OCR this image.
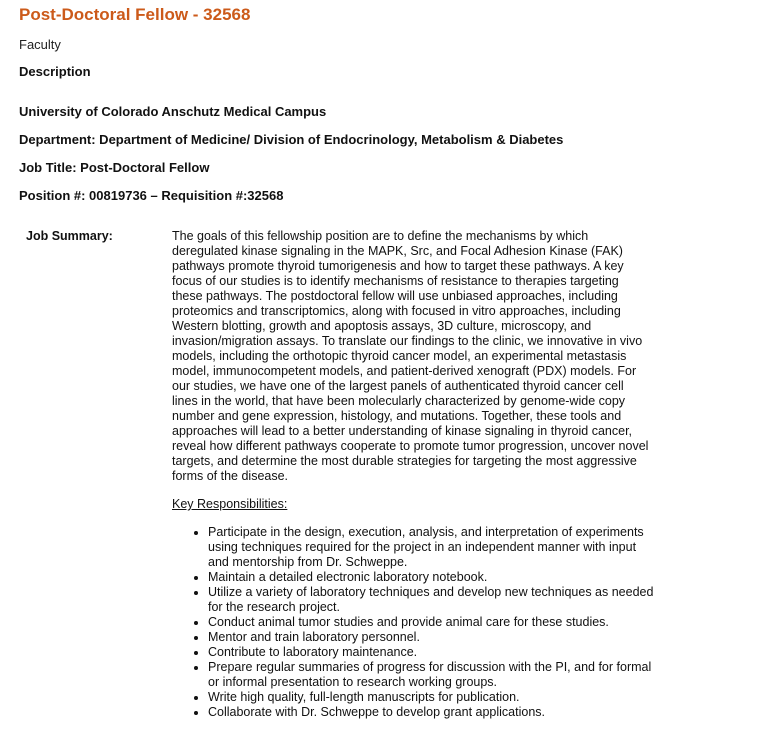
Post-Doctoral Fellow - 32568
Faculty
Description
University of Colorado Anschutz Medical Campus
Department: Department of Medicine/ Division of Endocrinology, Metabolism & Diabetes
Job Title: Post-Doctoral Fellow
Position #: 00819736 – Requisition #:32568
Job Summary:	The goals of this fellowship position are to define the mechanisms by which
deregulated kinase signaling in the MAPK, Src, and Focal Adhesion Kinase (FAK)
pathways promote thyroid tumorigenesis and how to target these pathways. A key
focus of our studies is to identify mechanisms of resistance to therapies targeting
these pathways. The postdoctoral fellow will use unbiased approaches, including
proteomics and transcriptomics, along with focused in vitro approaches, including
Western blotting, growth and apoptosis assays, 3D culture, microscopy, and
invasion/migration assays. To translate our findings to the clinic, we innovative in vivo
models, including the orthotopic thyroid cancer model, an experimental metastasis
model, immunocompetent models, and patient-derived xenograft (PDX) models. For
our studies, we have one of the largest panels of authenticated thyroid cancer cell
lines in the world, that have been molecularly characterized by genome-wide copy
number and gene expression, histology, and mutations. Together, these tools and
approaches will lead to a better understanding of kinase signaling in thyroid cancer,
reveal how different pathways cooperate to promote tumor progression, uncover novel
targets, and determine the most durable strategies for targeting the most aggressive
forms of the disease.
Key Responsibilities:
• Participate in the design, execution, analysis, and interpretation of experiments using techniques required for the project in an independent manner with input and mentorship from Dr. Schweppe.
• Maintain a detailed electronic laboratory notebook.
• Utilize a variety of laboratory techniques and develop new techniques as needed for the research project.
• Conduct animal tumor studies and provide animal care for these studies.
• Mentor and train laboratory personnel.
• Contribute to laboratory maintenance.
• Prepare regular summaries of progress for discussion with the PI, and for formal or informal presentation to research working groups.
• Write high quality, full-length manuscripts for publication.
• Collaborate with Dr. Schweppe to develop grant applications.
